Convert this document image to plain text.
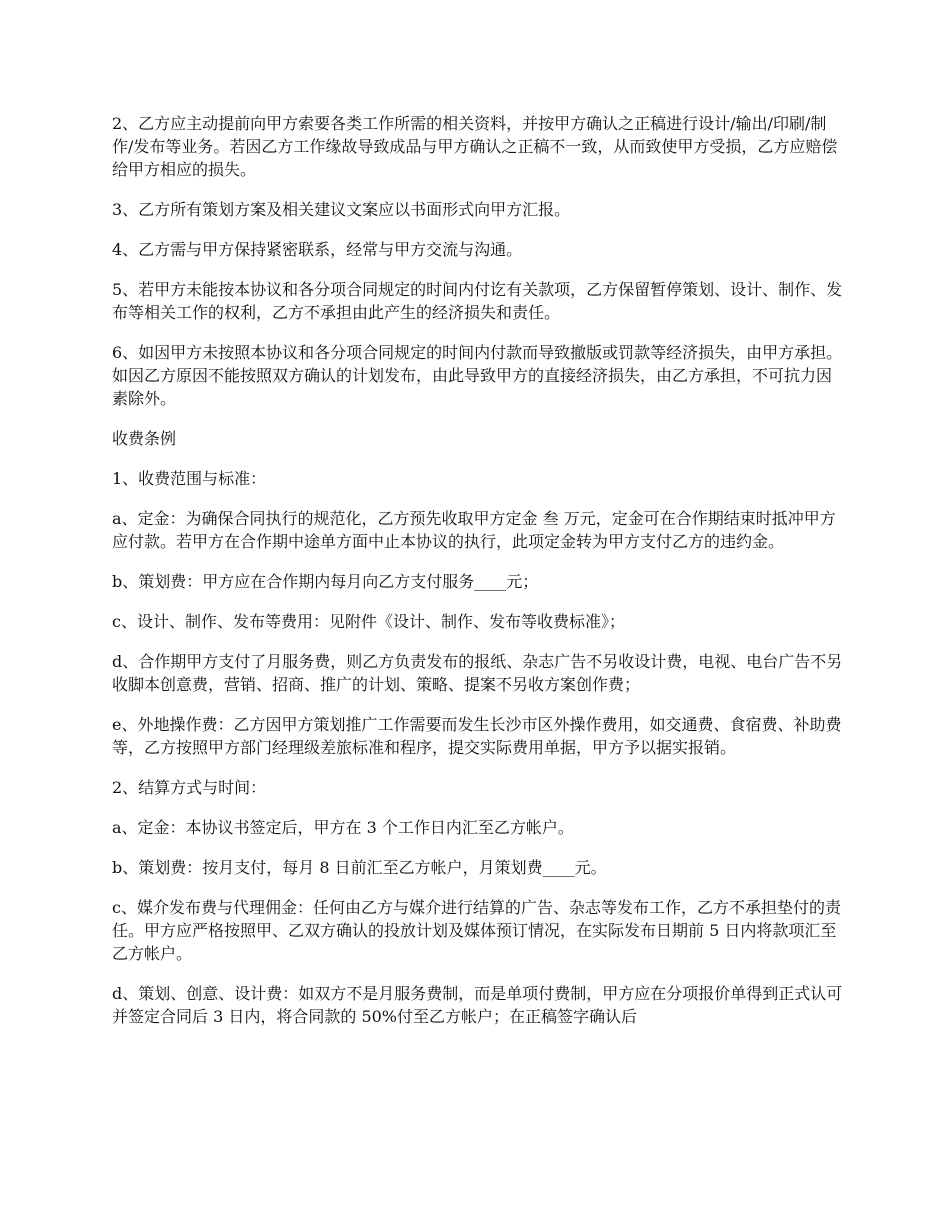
2、乙方应主动提前向甲方索要各类工作所需的相关资料，并按甲方确认之正稿进行设计/输出/印刷/制作/发布等业务。若因乙方工作缘故导致成品与甲方确认之正稿不一致，从而致使甲方受损，乙方应赔偿给甲方相应的损失。

3、乙方所有策划方案及相关建议文案应以书面形式向甲方汇报。

4、乙方需与甲方保持紧密联系，经常与甲方交流与沟通。

5、若甲方未能按本协议和各分项合同规定的时间内付讫有关款项，乙方保留暂停策划、设计、制作、发布等相关工作的权利，乙方不承担由此产生的经济损失和责任。

6、如因甲方未按照本协议和各分项合同规定的时间内付款而导致撤版或罚款等经济损失，由甲方承担。如因乙方原因不能按照双方确认的计划发布，由此导致甲方的直接经济损失，由乙方承担，不可抗力因素除外。

收费条例

1、收费范围与标准：

a、定金：为确保合同执行的规范化，乙方预先收取甲方定金 叁 万元，定金可在合作期结束时抵冲甲方应付款。若甲方在合作期中途单方面中止本协议的执行，此项定金转为甲方支付乙方的违约金。

b、策划费：甲方应在合作期内每月向乙方支付服务____元；

c、设计、制作、发布等费用：见附件《设计、制作、发布等收费标准》；

d、合作期甲方支付了月服务费，则乙方负责发布的报纸、杂志广告不另收设计费，电视、电台广告不另收脚本创意费，营销、招商、推广的计划、策略、提案不另收方案创作费；

e、外地操作费：乙方因甲方策划推广工作需要而发生长沙市区外操作费用，如交通费、食宿费、补助费等，乙方按照甲方部门经理级差旅标准和程序，提交实际费用单据，甲方予以据实报销。

2、结算方式与时间：

a、定金：本协议书签定后，甲方在 3 个工作日内汇至乙方帐户。

b、策划费：按月支付，每月 8 日前汇至乙方帐户，月策划费____元。

c、媒介发布费与代理佣金：任何由乙方与媒介进行结算的广告、杂志等发布工作，乙方不承担垫付的责任。甲方应严格按照甲、乙双方确认的投放计划及媒体预订情况，在实际发布日期前 5 日内将款项汇至乙方帐户。

d、策划、创意、设计费：如双方不是月服务费制，而是单项付费制，甲方应在分项报价单得到正式认可并签定合同后 3 日内，将合同款的 50%付至乙方帐户；在正稿签字确认后
